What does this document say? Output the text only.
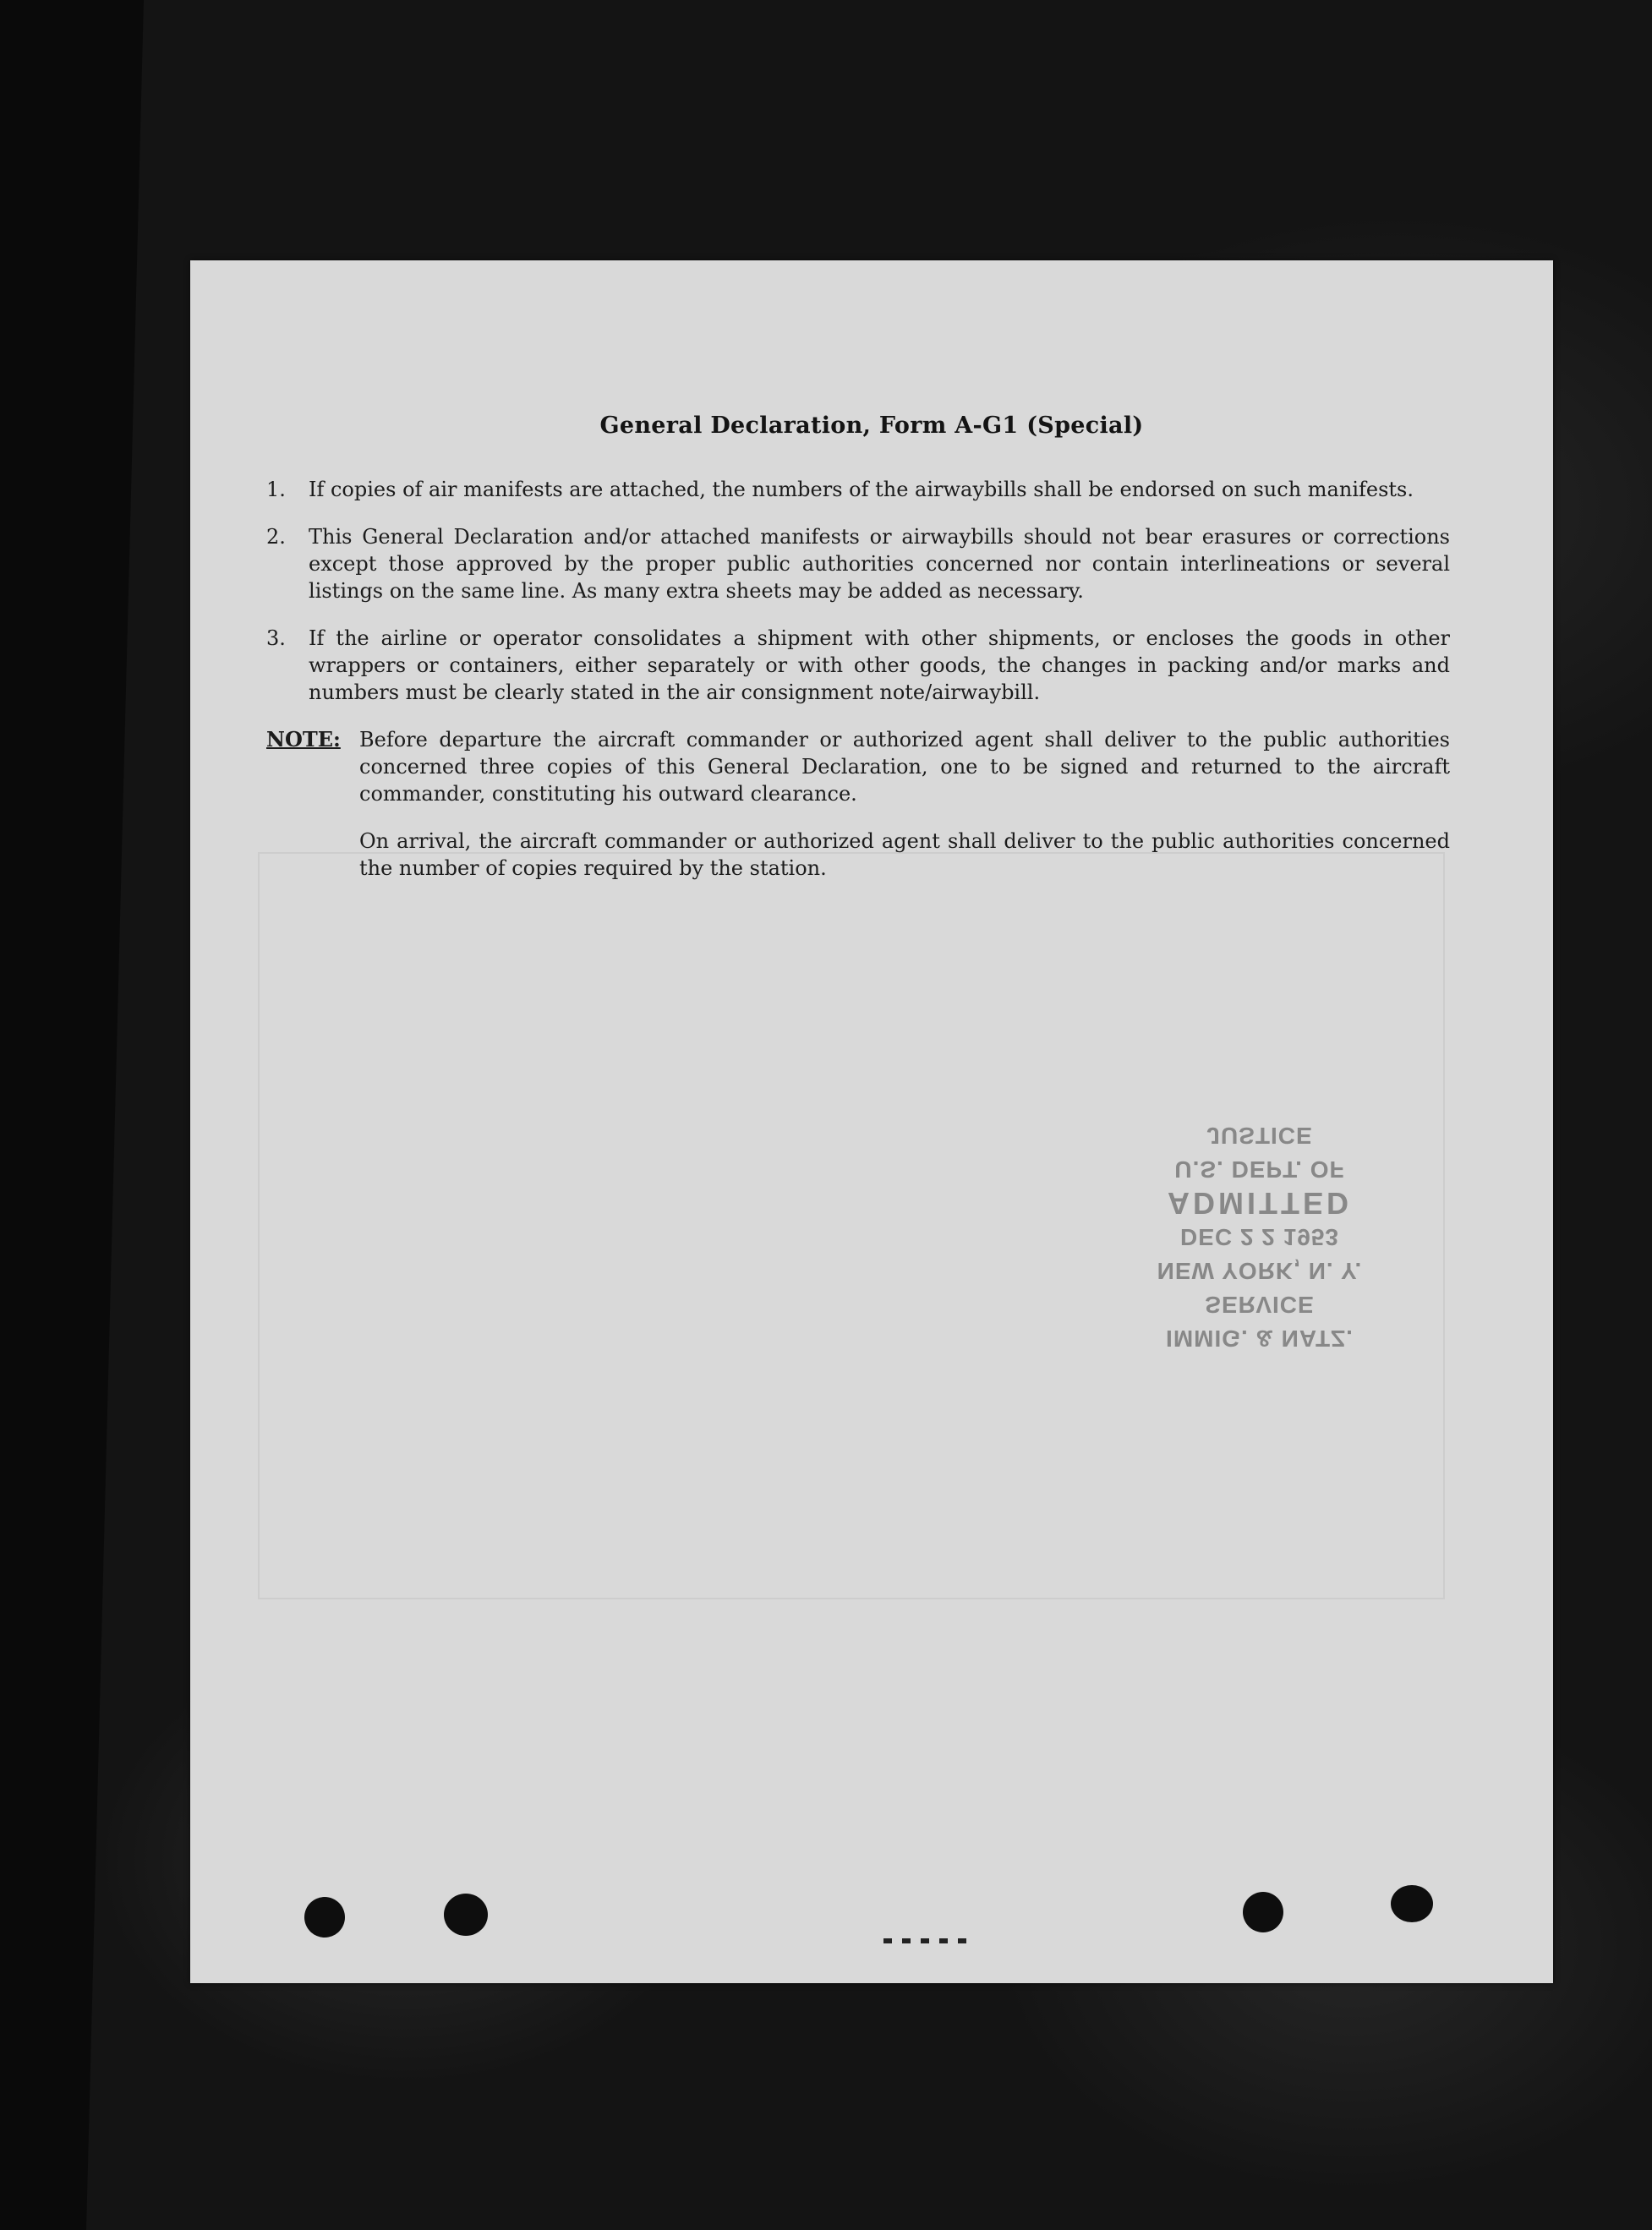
General Declaration, Form A-G1 (Special)
1.	If copies of air manifests are attached, the numbers of the airwaybills shall be endorsed on such manifests.
2.	This General Declaration and/or attached manifests or airwaybills should not bear erasures or corrections except those approved by the proper public authorities concerned nor contain interlineations or several listings on the same line. As many extra sheets may be added as necessary.
3.	If the airline or operator consolidates a shipment with other shipments, or encloses the goods in other wrappers or containers, either separately or with other goods, the changes in packing and/or marks and numbers must be clearly stated in the air consignment note/airwaybill.
NOTE: Before departure the aircraft commander or authorized agent shall deliver to the public authorities concerned three copies of this General Declaration, one to be signed and returned to the aircraft commander, constituting his outward clearance.

On arrival, the aircraft commander or authorized agent shall deliver to the public authorities concerned the number of copies required by the station.

IMMIG. & NATZ. SERVICE
NEW YORK, N. Y.
DEC 2 2 1953
ADMITTED
U.S. DEPT. OF JUSTICE
